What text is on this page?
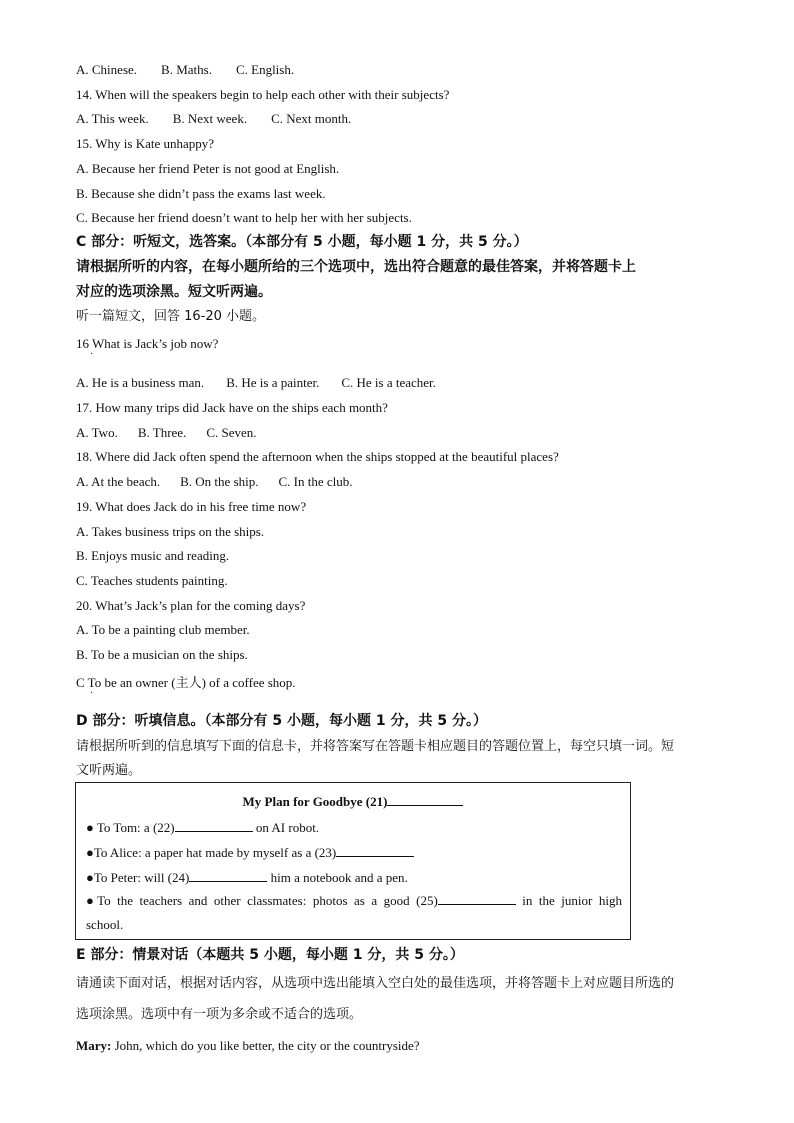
A. Chinese. B. Maths. C. English.
14. When will the speakers begin to help each other with their subjects?
A. This week. B. Next week. C. Next month.
15. Why is Kate unhappy?
A. Because her friend Peter is not good at English.
B. Because she didn’t pass the exams last week.
C. Because her friend doesn’t want to help her with her subjects.
C 部分：听短文，选答案。（本部分有 5 小题，每小题 1 分，共 5 分。）
请根据所听的内容，在每小题所给的三个选项中，选出符合题意的最佳答案，并将答题卡上
对应的选项涂黑。短文听两遍。
听一篇短文，回答 16-20 小题。
16 What is Jack’s job now?
·
A. He is a business man. B. He is a painter. C. He is a teacher.
17. How many trips did Jack have on the ships each month?
A. Two. B. Three. C. Seven.
18. Where did Jack often spend the afternoon when the ships stopped at the beautiful places?
A. At the beach. B. On the ship. C. In the club.
19. What does Jack do in his free time now?
A. Takes business trips on the ships.
B. Enjoys music and reading.
C. Teaches students painting.
20. What’s Jack’s plan for the coming days?
A. To be a painting club member.
B. To be a musician on the ships.
C To be an owner (主人) of a coffee shop.
·
D 部分：听填信息。（本部分有 5 小题，每小题 1 分，共 5 分。）
请根据所听到的信息填写下面的信息卡，并将答案写在答题卡相应题目的答题位置上，每空只填一词。短
文听两遍。
My Plan for Goodbye (21)
● To Tom: a (22)	on AI robot.
●To Alice: a paper hat made by myself as a (23)
●To Peter: will (24)	him a notebook and a pen.
●To the teachers and other classmates: photos as a good (25)	in the junior high
school.
E 部分：情景对话（本题共 5 小题，每小题 1 分，共 5 分。）
请通读下面对话，根据对话内容，从选项中选出能填入空白处的最佳选项，并将答题卡上对应题目所选的
选项涂黑。选项中有一项为多余或不适合的选项。
Mary: John, which do you like better, the city or the countryside?
